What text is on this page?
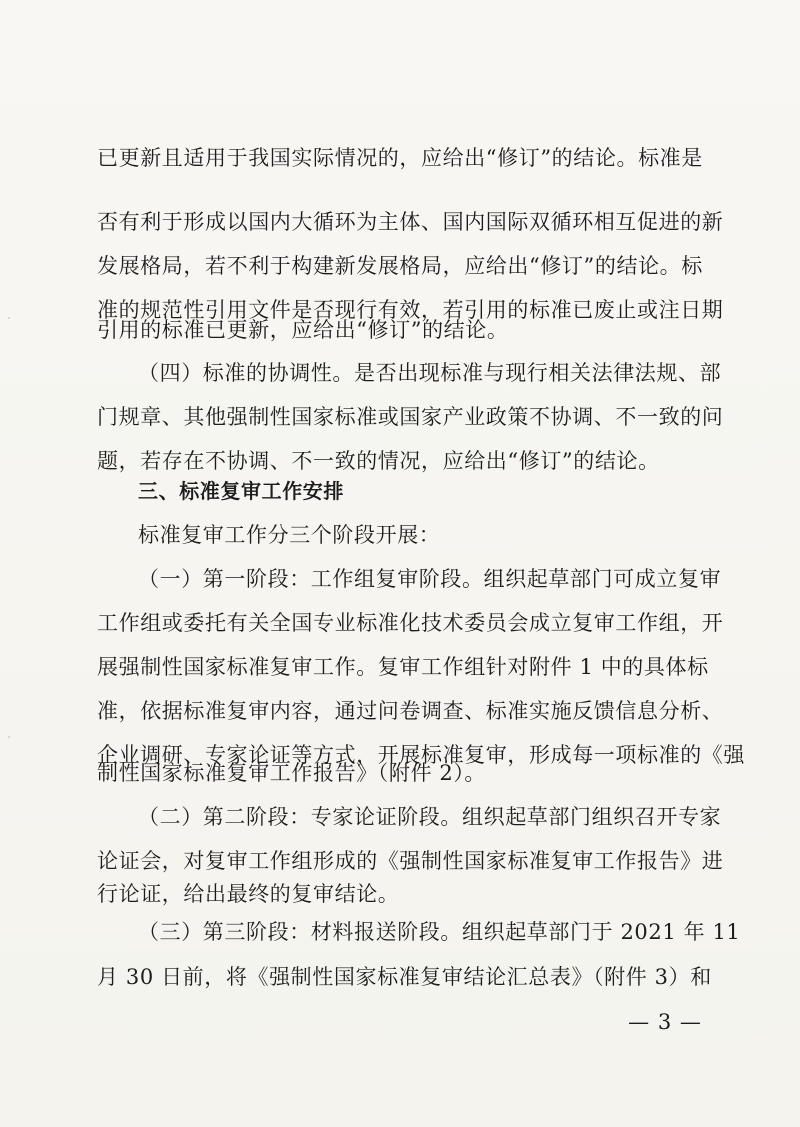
已更新且适用于我国实际情况的，应给出“修订”的结论。标准是
否有利于形成以国内大循环为主体、国内国际双循环相互促进的新
发展格局，若不利于构建新发展格局，应给出“修订”的结论。标
准的规范性引用文件是否现行有效，若引用的标准已废止或注日期
引用的标准已更新，应给出“修订”的结论。
（四）标准的协调性。是否出现标准与现行相关法律法规、部
门规章、其他强制性国家标准或国家产业政策不协调、不一致的问
题，若存在不协调、不一致的情况，应给出“修订”的结论。
三、标准复审工作安排
标准复审工作分三个阶段开展：
（一）第一阶段：工作组复审阶段。组织起草部门可成立复审
工作组或委托有关全国专业标准化技术委员会成立复审工作组，开
展强制性国家标准复审工作。复审工作组针对附件 1 中的具体标
准，依据标准复审内容，通过问卷调查、标准实施反馈信息分析、
企业调研、专家论证等方式，开展标准复审，形成每一项标准的《强
制性国家标准复审工作报告》（附件 2）。
（二）第二阶段：专家论证阶段。组织起草部门组织召开专家
论证会，对复审工作组形成的《强制性国家标准复审工作报告》进
行论证，给出最终的复审结论。
（三）第三阶段：材料报送阶段。组织起草部门于 2021 年 11
月 30 日前，将《强制性国家标准复审结论汇总表》（附件 3）和
— 3 —
